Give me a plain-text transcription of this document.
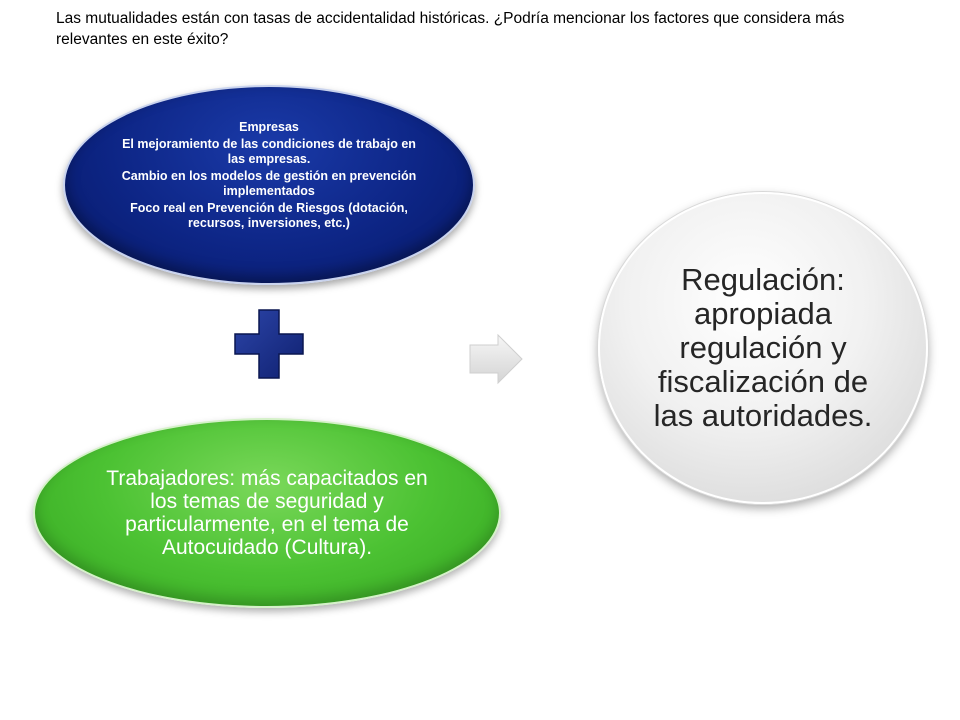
Las mutualidades están con tasas de accidentalidad históricas. ¿Podría mencionar los factores que considera más relevantes en este éxito?

Empresas
El mejoramiento de las condiciones de trabajo en las empresas.
Cambio en los modelos de gestión en prevención implementados
Foco real en Prevención de Riesgos (dotación, recursos, inversiones, etc.)
Trabajadores: más capacitados en los temas de seguridad y particularmente, en el tema de Autocuidado (Cultura).
Regulación: apropiada regulación y fiscalización de las autoridades.
